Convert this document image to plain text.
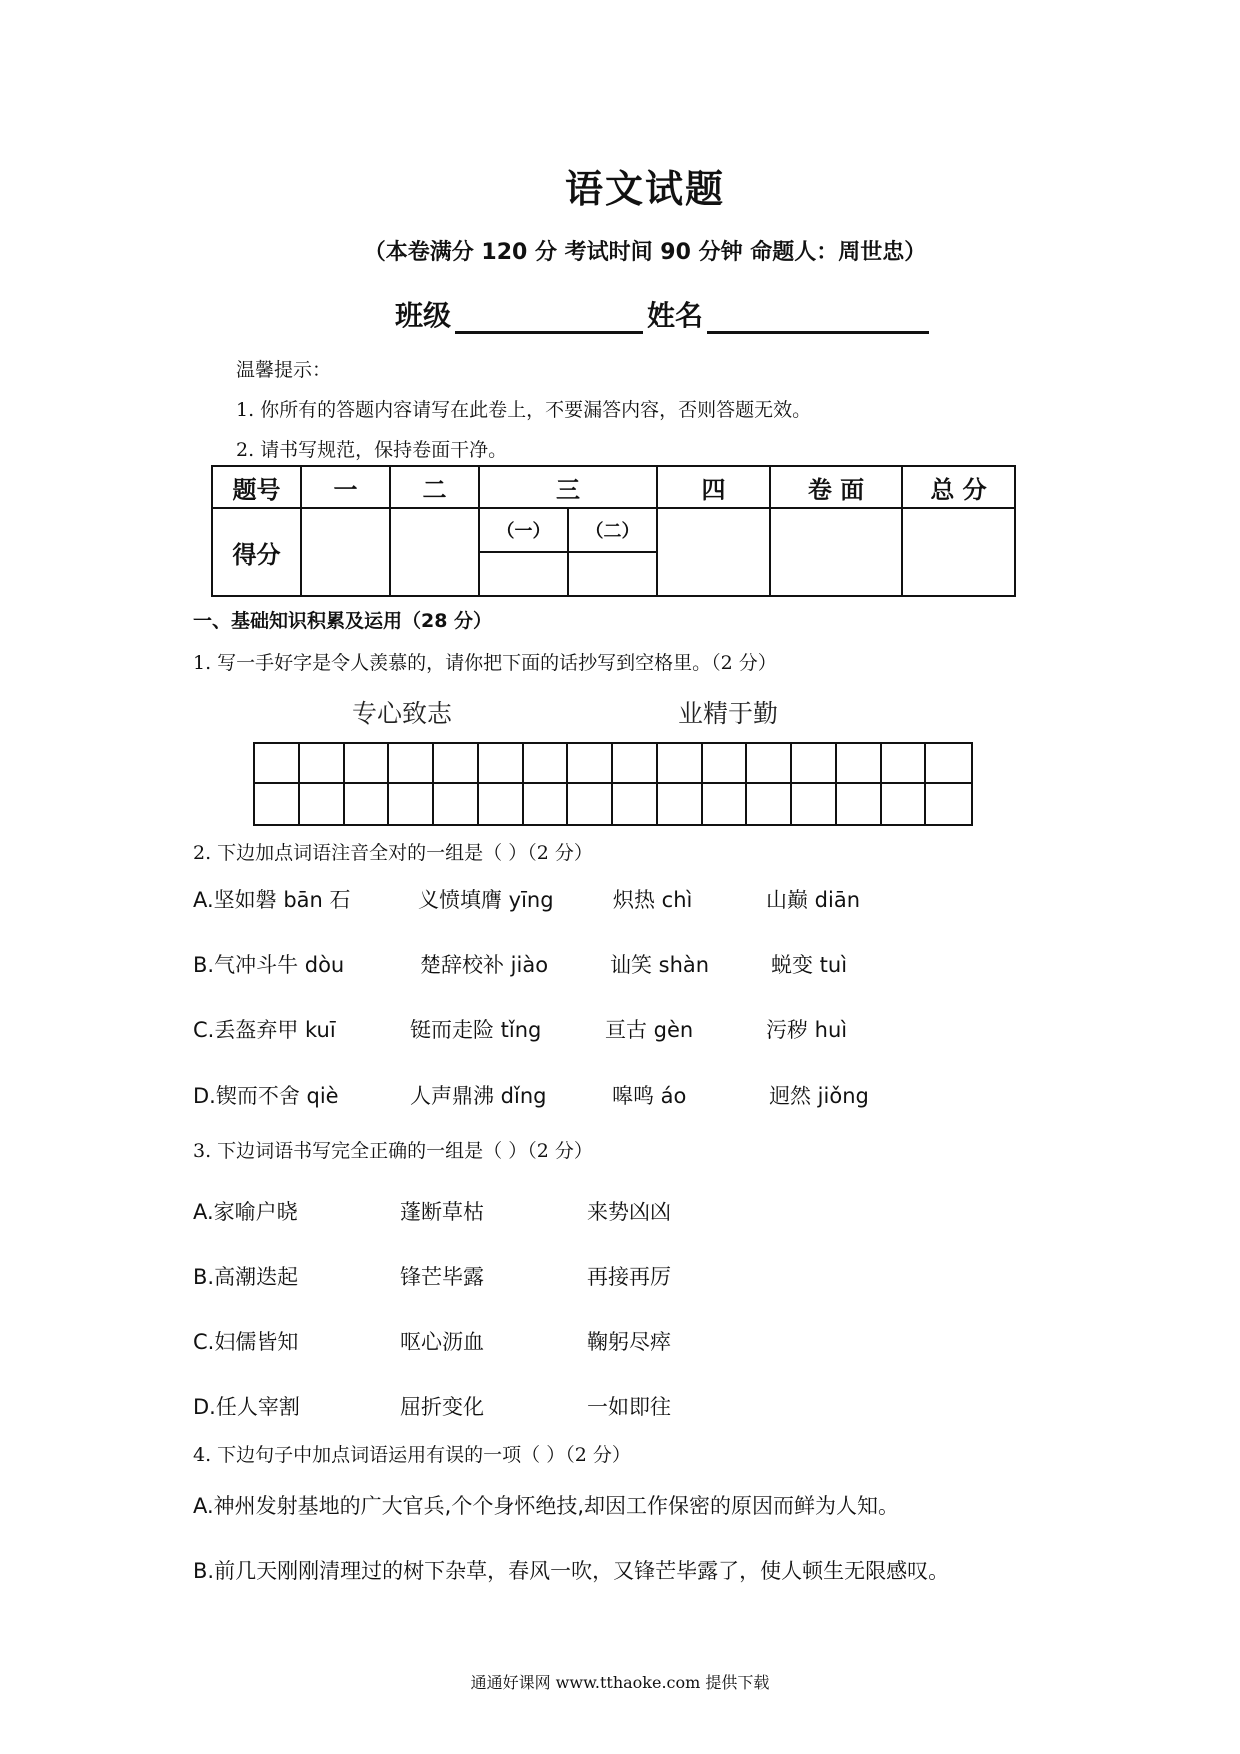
语文试题
（本卷满分 120 分 考试时间 90 分钟 命题人：周世忠）
班级	姓名
温馨提示：
1. 你所有的答题内容请写在此卷上，不要漏答内容，否则答题无效。
2. 请书写规范，保持卷面干净。
题号	一	二	三		四	卷 面	总 分
得分			（一）	（二）			

一、基础知识积累及运用（28 分）
1. 写一手好字是令人羡慕的，请你把下面的话抄写到空格里。（2 分）
专心致志	业精于勤
2. 下边加点词语注音全对的一组是（ ）（2 分）
A.坚如磐 bān 石	义愤填膺 yīng	炽热 chì	山巅 diān
B.气冲斗牛 dòu	楚辞校补 jiào	讪笑 shàn	蜕变 tuì
C.丢盔弃甲 kuī	铤而走险 tǐng	亘古 gèn	污秽 huì
D.锲而不舍 qiè	人声鼎沸 dǐng	嗥鸣 áo	迥然 jiǒng
3. 下边词语书写完全正确的一组是（ ）（2 分）
A.家喻户晓	蓬断草枯	来势凶凶
B.高潮迭起	锋芒毕露	再接再厉
C.妇儒皆知	呕心沥血	鞠躬尽瘁
D.任人宰割	屈折变化	一如即往
4. 下边句子中加点词语运用有误的一项（ ）（2 分）
A.神州发射基地的广大官兵,个个身怀绝技,却因工作保密的原因而鲜为人知。
B.前几天刚刚清理过的树下杂草，春风一吹，又锋芒毕露了，使人顿生无限感叹。
通通好课网 www.tthaoke.com 提供下载
